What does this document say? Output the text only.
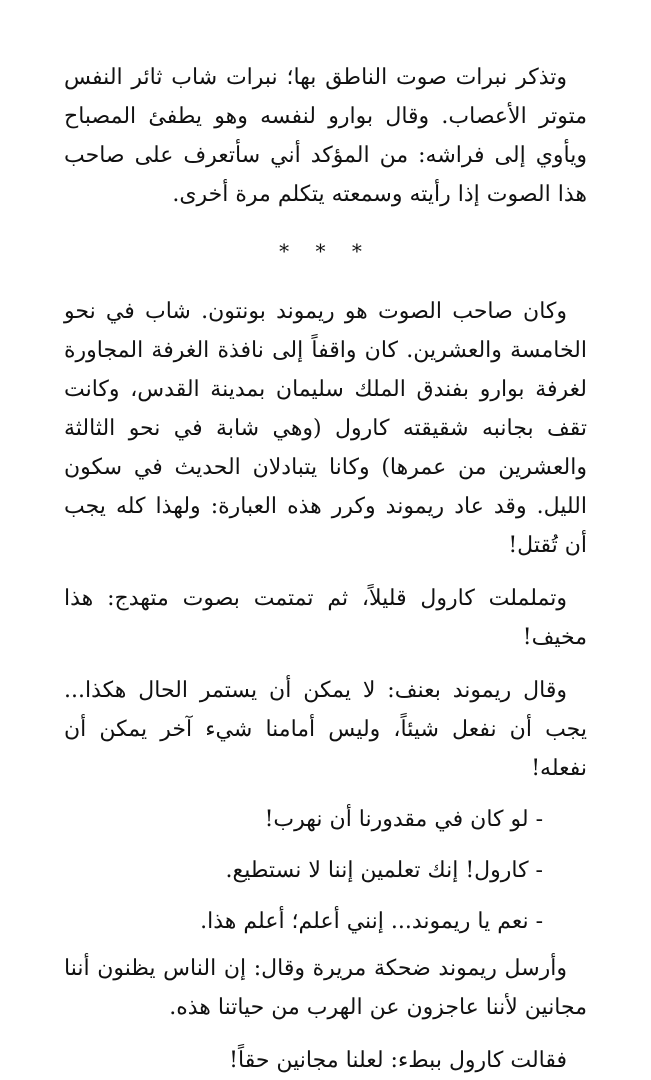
وتذكر نبرات صوت الناطق بها؛ نبرات شاب ثائر النفس متوتر الأعصاب. وقال بوارو لنفسه وهو يطفئ المصباح ويأوي إلى فراشه: من المؤكد أني سأتعرف على صاحب هذا الصوت إذا رأيته وسمعته يتكلم مرة أخرى.

* * *

وكان صاحب الصوت هو ريموند بونتون. شاب في نحو الخامسة والعشرين. كان واقفاً إلى نافذة الغرفة المجاورة لغرفة بوارو بفندق الملك سليمان بمدينة القدس، وكانت تقف بجانبه شقيقته كارول (وهي شابة في نحو الثالثة والعشرين من عمرها) وكانا يتبادلان الحديث في سكون الليل. وقد عاد ريموند وكرر هذه العبارة: ولهذا كله يجب أن تُقتل!

وتململت كارول قليلاً، ثم تمتمت بصوت متهدج: هذا مخيف!

وقال ريموند بعنف: لا يمكن أن يستمر الحال هكذا... يجب أن نفعل شيئاً، وليس أمامنا شيء آخر يمكن أن نفعله!

- لو كان في مقدورنا أن نهرب!

- كارول! إنك تعلمين إننا لا نستطيع.

- نعم يا ريموند... إنني أعلم؛ أعلم هذا.

وأرسل ريموند ضحكة مريرة وقال: إن الناس يظنون أننا مجانين لأننا عاجزون عن الهرب من حياتنا هذه.

فقالت كارول ببطء: لعلنا مجانين حقاً!
